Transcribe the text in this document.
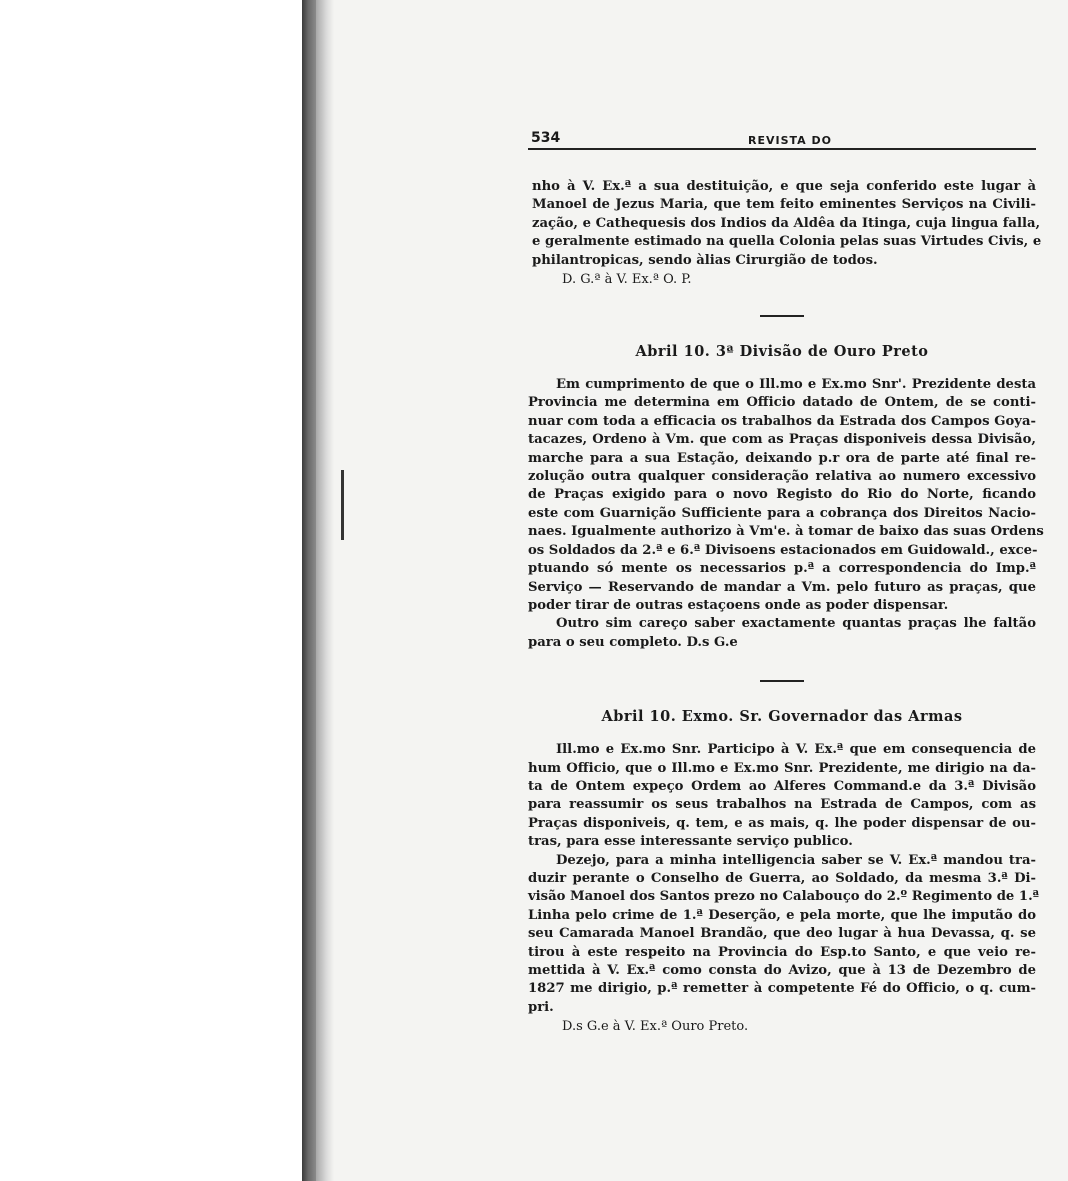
534	REVISTA DO
nho à V. Ex.ª a sua destituição, e que seja conferido este lugar à
Manoel de Jezus Maria, que tem feito eminentes Serviços na Civili-
zação, e Cathequesis dos Indios da Aldêa da Itinga, cuja lingua falla,
e geralmente estimado na quella Colonia pelas suas Virtudes Civis, e
philantropicas, sendo àlias Cirurgião de todos.
D. G.ª à V. Ex.ª O. P.
Abril 10. 3ª Divisão de Ouro Preto
Em cumprimento de que o Ill.mo e Ex.mo Snr'. Prezidente desta
Provincia me determina em Officio datado de Ontem, de se conti-
nuar com toda a efficacia os trabalhos da Estrada dos Campos Goya-
tacazes, Ordeno à Vm. que com as Praças disponiveis dessa Divisão,
marche para a sua Estação, deixando p.r ora de parte até final re-
zolução outra qualquer consideração relativa ao numero excessivo
de Praças exigido para o novo Registo do Rio do Norte, ficando
este com Guarnição Sufficiente para a cobrança dos Direitos Nacio-
naes. Igualmente authorizo à Vm'e. à tomar de baixo das suas Ordens
os Soldados da 2.ª e 6.ª Divisoens estacionados em Guidowald., exce-
ptuando só mente os necessarios p.ª a correspondencia do Imp.ª
Serviço — Reservando de mandar a Vm. pelo futuro as praças, que
poder tirar de outras estaçoens onde as poder dispensar.
Outro sim careço saber exactamente quantas praças lhe faltão
para o seu completo. D.s G.e
Abril 10. Exmo. Sr. Governador das Armas
Ill.mo e Ex.mo Snr. Participo à V. Ex.ª que em consequencia de
hum Officio, que o Ill.mo e Ex.mo Snr. Prezidente, me dirigio na da-
ta de Ontem expeço Ordem ao Alferes Command.e da 3.ª Divisão
para reassumir os seus trabalhos na Estrada de Campos, com as
Praças disponiveis, q. tem, e as mais, q. lhe poder dispensar de ou-
tras, para esse interessante serviço publico.
Dezejo, para a minha intelligencia saber se V. Ex.ª mandou tra-
duzir perante o Conselho de Guerra, ao Soldado, da mesma 3.ª Di-
visão Manoel dos Santos prezo no Calabouço do 2.º Regimento de 1.ª
Linha pelo crime de 1.ª Deserção, e pela morte, que lhe imputão do
seu Camarada Manoel Brandão, que deo lugar à hua Devassa, q. se
tirou à este respeito na Provincia do Esp.to Santo, e que veio re-
mettida à V. Ex.ª como consta do Avizo, que à 13 de Dezembro de
1827 me dirigio, p.ª remetter à competente Fé do Officio, o q. cum-
pri.
D.s G.e à V. Ex.ª Ouro Preto.
